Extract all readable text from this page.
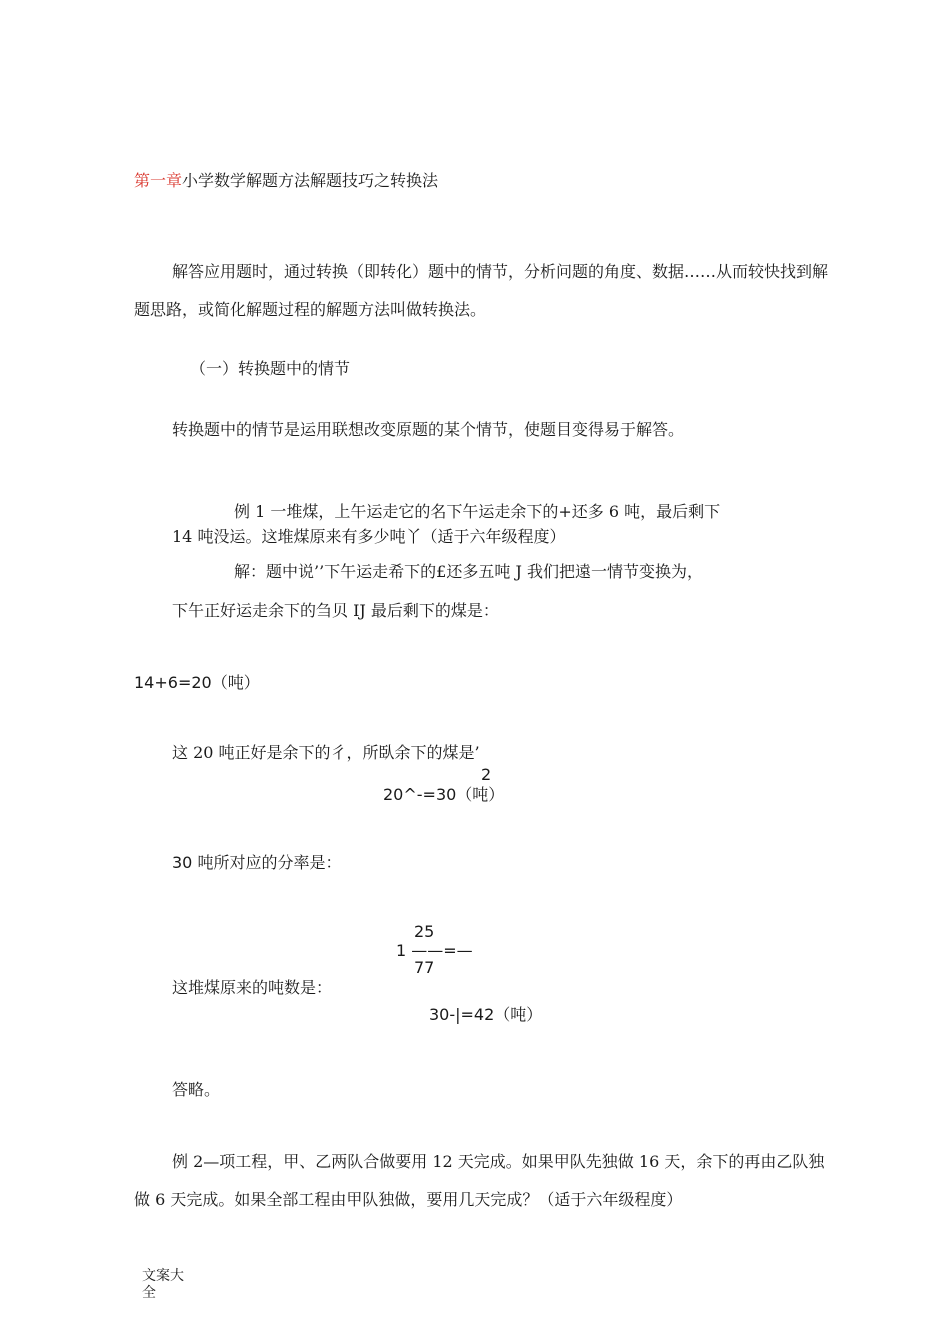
第一章小学数学解题方法解题技巧之转换法
解答应用题时，通过转换（即转化）题中的情节，分析问题的角度、数据……从而较快找到解题思路，或简化解题过程的解题方法叫做转换法。
（一）转换题中的情节
转换题中的情节是运用联想改变原题的某个情节，使题目变得易于解答。
例 1 一堆煤，上午运走它的名下午运走余下的+还多 6 吨，最后剩下
14 吨没运。这堆煤原来有多少吨丫（适于六年级程度）
解：题中说’’下午运走希下的£还多五吨 J 我们把遠一情节变换为，
下午正好运走余下的刍贝 IJ 最后剩下的煤是：
14+6=20（吨）
这 20 吨正好是余下的彳，所臥余下的煤是’
2
20^-=30（吨）
30 吨所对应的分率是：
25
1 ——=—
77
这堆煤原来的吨数是：
30-|=42（吨）
答略。
例 2—项工程，甲、乙两队合做要用 12 天完成。如果甲队先独做 16 天，余下的再由乙队独做 6 天完成。如果全部工程由甲队独做，要用几天完成？（适于六年级程度）
文案大
全
